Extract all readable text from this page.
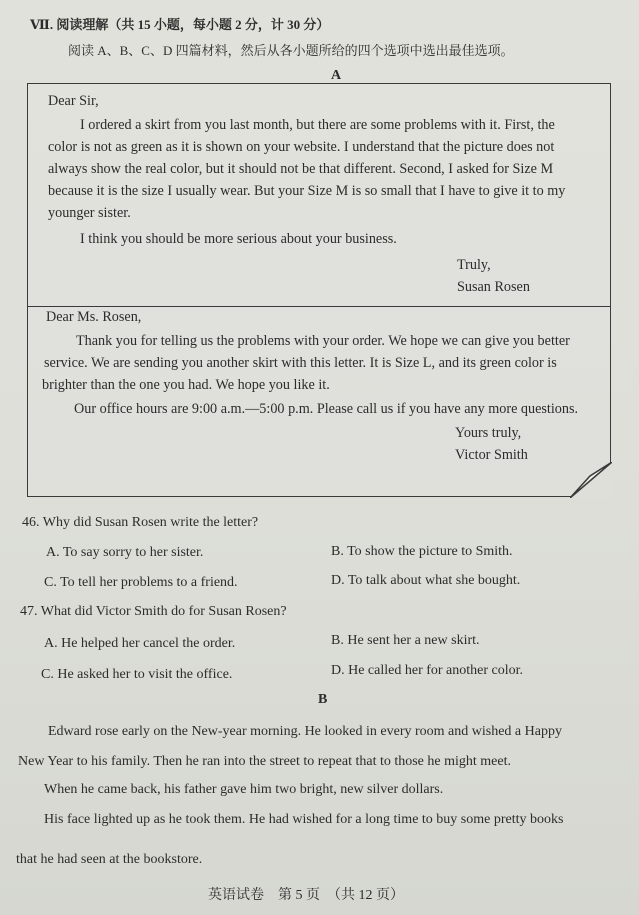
Ⅶ. 阅读理解（共 15 小题，每小题 2 分，计 30 分）
阅读 A、B、C、D 四篇材料，然后从各小题所给的四个选项中选出最佳选项。
A
Dear Sir,
I ordered a skirt from you last month, but there are some problems with it. First, the
color is not as green as it is shown on your website. I understand that the picture does not
always show the real color, but it should not be that different. Second, I asked for Size M
because it is the size I usually wear. But your Size M is so small that I have to give it to my
younger sister.
I think you should be more serious about your business.
Truly,
Susan Rosen
Dear Ms. Rosen,
Thank you for telling us the problems with your order. We hope we can give you better
service. We are sending you another skirt with this letter. It is Size L, and its green color is
brighter than the one you had. We hope you like it.
Our office hours are 9:00 a.m.—5:00 p.m. Please call us if you have any more questions.
Yours truly,
Victor Smith
46. Why did Susan Rosen write the letter?
A. To say sorry to her sister.	B. To show the picture to Smith.
C. To tell her problems to a friend.	D. To talk about what she bought.
47. What did Victor Smith do for Susan Rosen?
A. He helped her cancel the order.	B. He sent her a new skirt.
C. He asked her to visit the office.	D. He called her for another color.
B
Edward rose early on the New-year morning. He looked in every room and wished a Happy
New Year to his family. Then he ran into the street to repeat that to those he might meet.
When he came back, his father gave him two bright, new silver dollars.
His face lighted up as he took them. He had wished for a long time to buy some pretty books
that he had seen at the bookstore.
英语试卷　第 5 页　（共 12 页）
